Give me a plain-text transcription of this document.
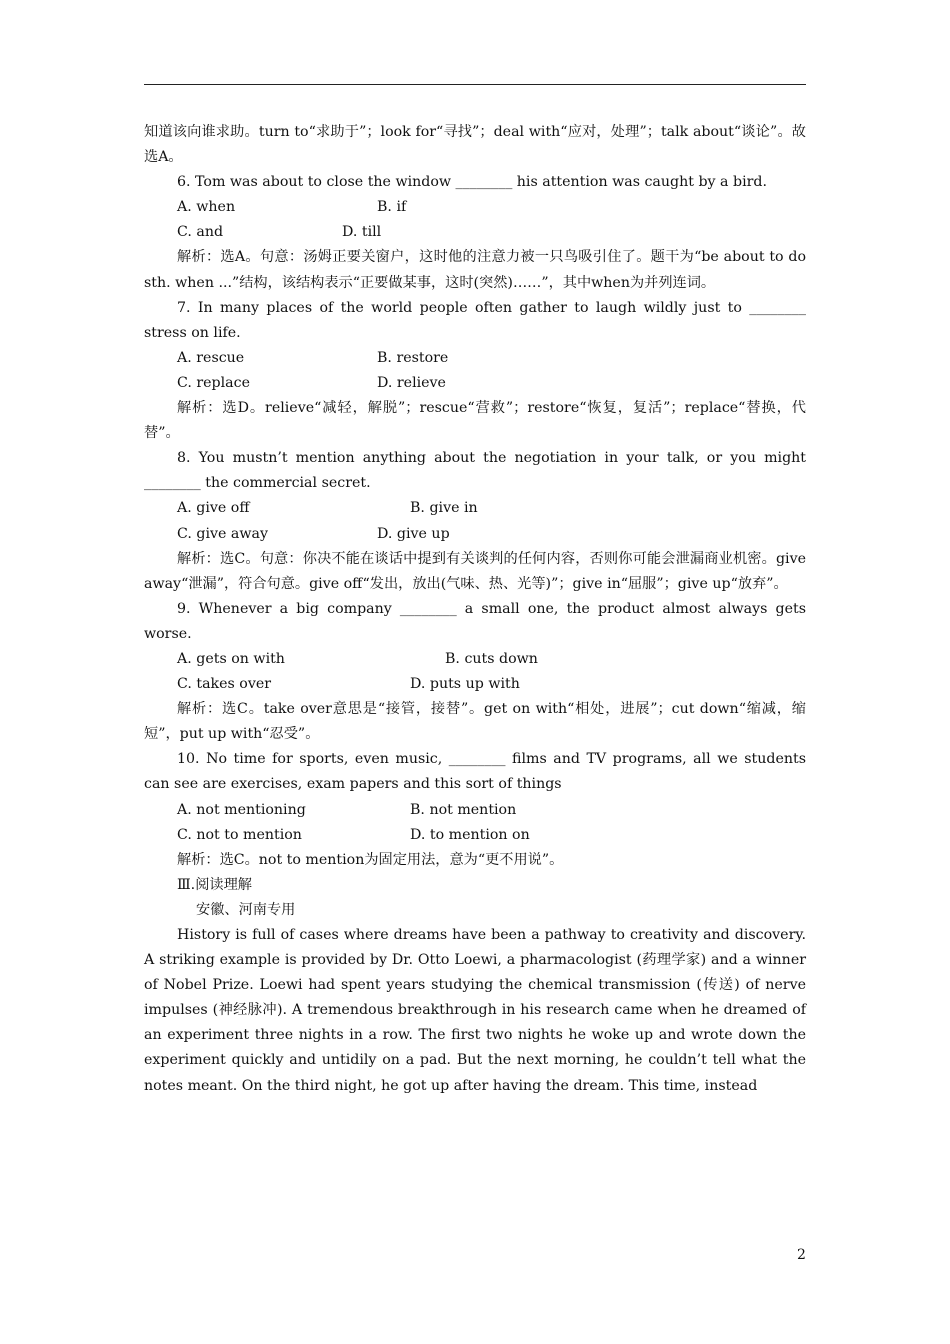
知道该向谁求助。turn to“求助于”；look for“寻找”；deal with“应对，处理”；talk about“谈论”。故选A。

6. Tom was about to close the window ________ his attention was caught by a bird.

A. when	B. if
C. and	D. till

解析：选A。句意：汤姆正要关窗户，这时他的注意力被一只鸟吸引住了。题干为“be about to do sth. when ...”结构，该结构表示“正要做某事，这时(突然)……”，其中when为并列连词。

7. In many places of the world people often gather to laugh wildly just to ________ stress on life.

A. rescue	B. restore
C. replace	D. relieve

解析：选D。relieve“减轻，解脱”；rescue“营救”；restore“恢复，复活”；replace“替换，代替”。

8. You mustn’t mention anything about the negotiation in your talk, or you might ________ the commercial secret.

A. give off	B. give in
C. give away	D. give up

解析：选C。句意：你决不能在谈话中提到有关谈判的任何内容，否则你可能会泄漏商业机密。give away“泄漏”，符合句意。give off“发出，放出(气味、热、光等)”；give in“屈服”；give up“放弃”。

9. Whenever a big company ________ a small one, the product almost always gets worse.

A. gets on with	B. cuts down
C. takes over	D. puts up with

解析：选C。take over意思是“接管，接替”。get on with“相处，进展”；cut down“缩减，缩短”，put up with“忍受”。

10. No time for sports, even music, ________ films and TV programs, all we students can see are exercises, exam papers and this sort of things

A. not mentioning	B. not mention
C. not to mention	D. to mention on

解析：选C。not to mention为固定用法，意为“更不用说”。

Ⅲ.阅读理解

安徽、河南专用

History is full of cases where dreams have been a pathway to creativity and discovery. A striking example is provided by Dr. Otto Loewi, a pharmacologist (药理学家) and a winner of Nobel Prize. Loewi had spent years studying the chemical transmission (传送) of nerve impulses (神经脉冲). A tremendous breakthrough in his research came when he dreamed of an experiment three nights in a row. The first two nights he woke up and wrote down the experiment quickly and untidily on a pad. But the next morning, he couldn’t tell what the notes meant. On the third night, he got up after having the dream. This time, instead

2
